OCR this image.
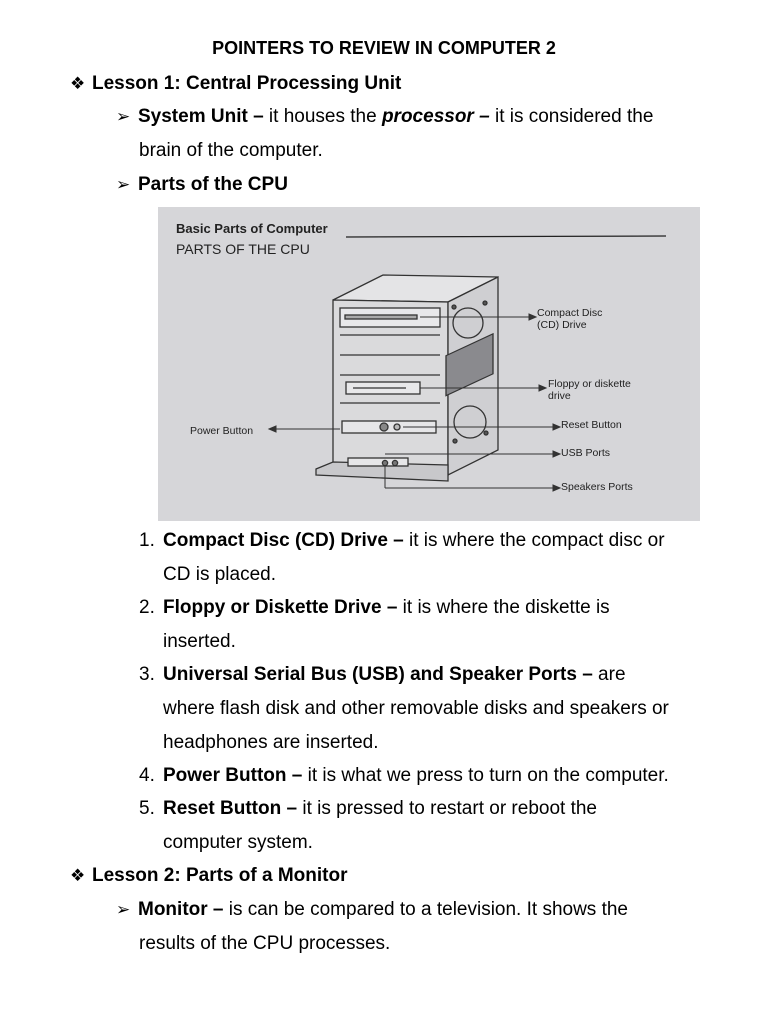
POINTERS TO REVIEW IN COMPUTER 2
❖ Lesson 1: Central Processing Unit
➢ System Unit – it houses the processor – it is considered the
brain of the computer.
➢ Parts of the CPU
Basic Parts of Computer
PARTS OF THE CPU
Compact Disc
(CD) Drive
Floppy or diskette
drive
Reset Button
USB Ports
Speakers Ports
Power Button
1. Compact Disc (CD) Drive – it is where the compact disc or
CD is placed.
2. Floppy or Diskette Drive – it is where the diskette is
inserted.
3. Universal Serial Bus (USB) and Speaker Ports – are
where flash disk and other removable disks and speakers or
headphones are inserted.
4. Power Button – it is what we press to turn on the computer.
5. Reset Button – it is pressed to restart or reboot the
computer system.
❖ Lesson 2: Parts of a Monitor
➢ Monitor – is can be compared to a television. It shows the
results of the CPU processes.
